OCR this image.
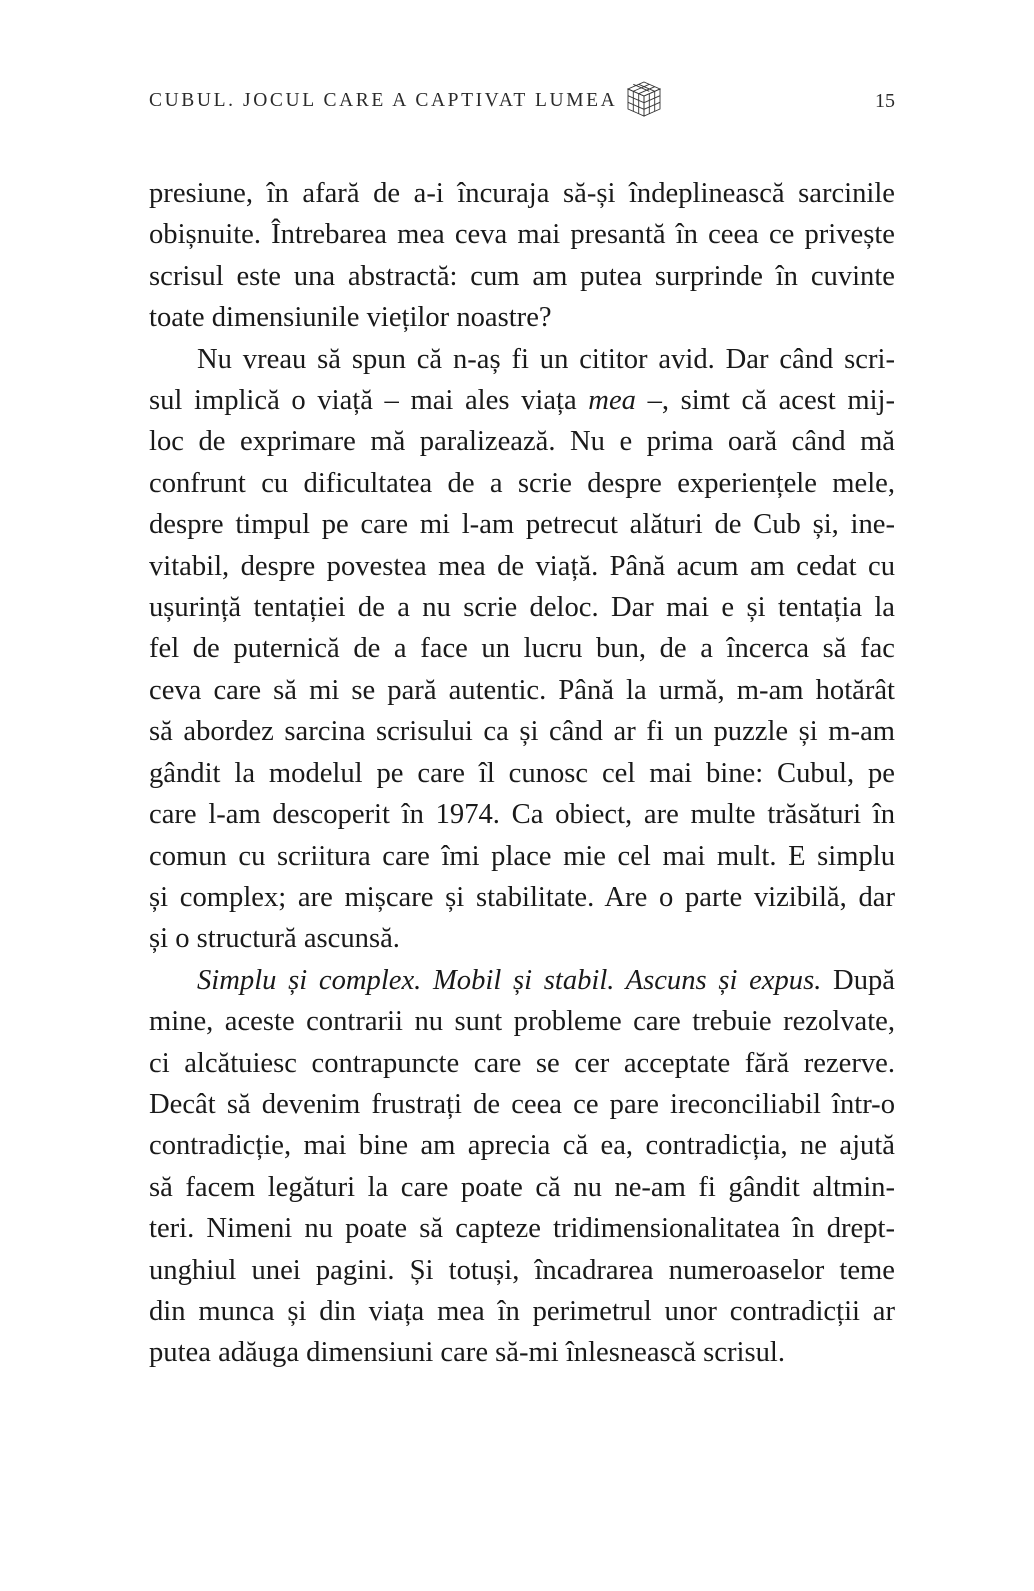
CUBUL. JOCUL CARE A CAPTIVAT LUMEA	15

presiune, în afară de a-i încuraja să-și îndeplinească sarcinile
obișnuite. Întrebarea mea ceva mai presantă în ceea ce privește
scrisul este una abstractă: cum am putea surprinde în cuvinte
toate dimensiunile vieților noastre?

Nu vreau să spun că n-aș fi un cititor avid. Dar când scri-
sul implică o viață – mai ales viața mea –, simt că acest mij-
loc de exprimare mă paralizează. Nu e prima oară când mă
confrunt cu dificultatea de a scrie despre experiențele mele,
despre timpul pe care mi l-am petrecut alături de Cub și, ine-
vitabil, despre povestea mea de viață. Până acum am cedat cu
ușurință tentației de a nu scrie deloc. Dar mai e și tentația la
fel de puternică de a face un lucru bun, de a încerca să fac
ceva care să mi se pară autentic. Până la urmă, m-am hotărât
să abordez sarcina scrisului ca și când ar fi un puzzle și m-am
gândit la modelul pe care îl cunosc cel mai bine: Cubul, pe
care l-am descoperit în 1974. Ca obiect, are multe trăsături în
comun cu scriitura care îmi place mie cel mai mult. E simplu
și complex; are mișcare și stabilitate. Are o parte vizibilă, dar
și o structură ascunsă.

Simplu și complex. Mobil și stabil. Ascuns și expus. După
mine, aceste contrarii nu sunt probleme care trebuie rezolvate,
ci alcătuiesc contrapuncte care se cer acceptate fără rezerve.
Decât să devenim frustrați de ceea ce pare ireconciliabil într-o
contradicție, mai bine am aprecia că ea, contradicția, ne ajută
să facem legături la care poate că nu ne-am fi gândit altmin-
teri. Nimeni nu poate să capteze tridimensionalitatea în drept-
unghiul unei pagini. Și totuși, încadrarea numeroaselor teme
din munca și din viața mea în perimetrul unor contradicții ar
putea adăuga dimensiuni care să-mi înlesnească scrisul.
